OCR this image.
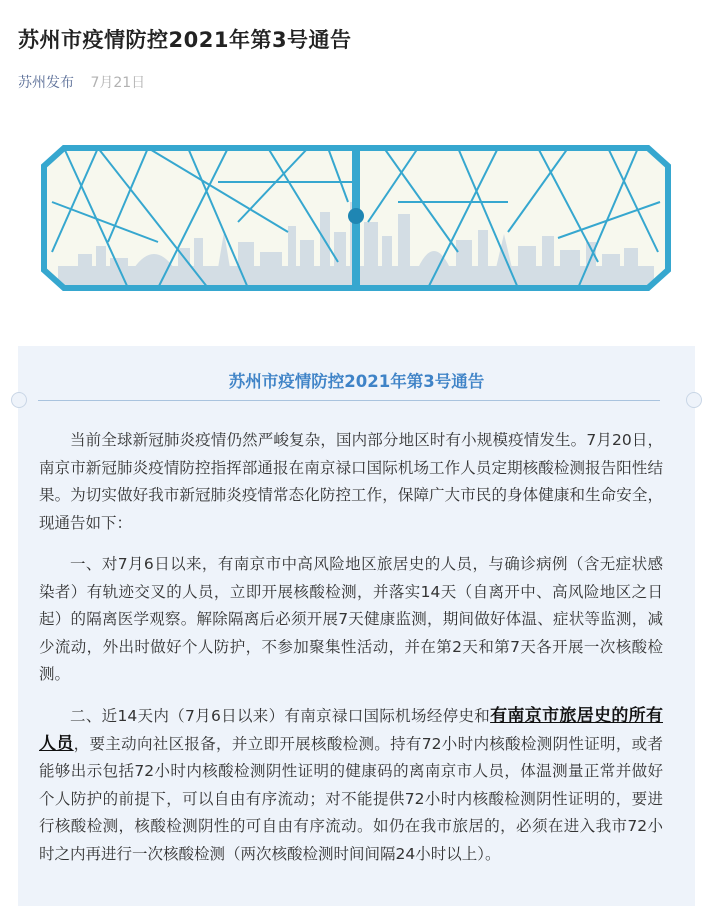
苏州市疫情防控2021年第3号通告
苏州发布 7月21日
苏州市疫情防控2021年第3号通告

当前全球新冠肺炎疫情仍然严峻复杂，国内部分地区时有小规模疫情发生。7月20日，南京市新冠肺炎疫情防控指挥部通报在南京禄口国际机场工作人员定期核酸检测报告阳性结果。为切实做好我市新冠肺炎疫情常态化防控工作，保障广大市民的身体健康和生命安全，现通告如下：

一、对7月6日以来，有南京市中高风险地区旅居史的人员，与确诊病例（含无症状感染者）有轨迹交叉的人员，立即开展核酸检测，并落实14天（自离开中、高风险地区之日起）的隔离医学观察。解除隔离后必须开展7天健康监测，期间做好体温、症状等监测，减少流动，外出时做好个人防护，不参加聚集性活动，并在第2天和第7天各开展一次核酸检测。

二、近14天内（7月6日以来）有南京禄口国际机场经停史和有南京市旅居史的所有人员，要主动向社区报备，并立即开展核酸检测。持有72小时内核酸检测阴性证明，或者能够出示包括72小时内核酸检测阴性证明的健康码的离南京市人员，体温测量正常并做好个人防护的前提下，可以自由有序流动；对不能提供72小时内核酸检测阴性证明的，要进行核酸检测，核酸检测阴性的可自由有序流动。如仍在我市旅居的，必须在进入我市72小时之内再进行一次核酸检测（两次核酸检测时间间隔24小时以上）。
